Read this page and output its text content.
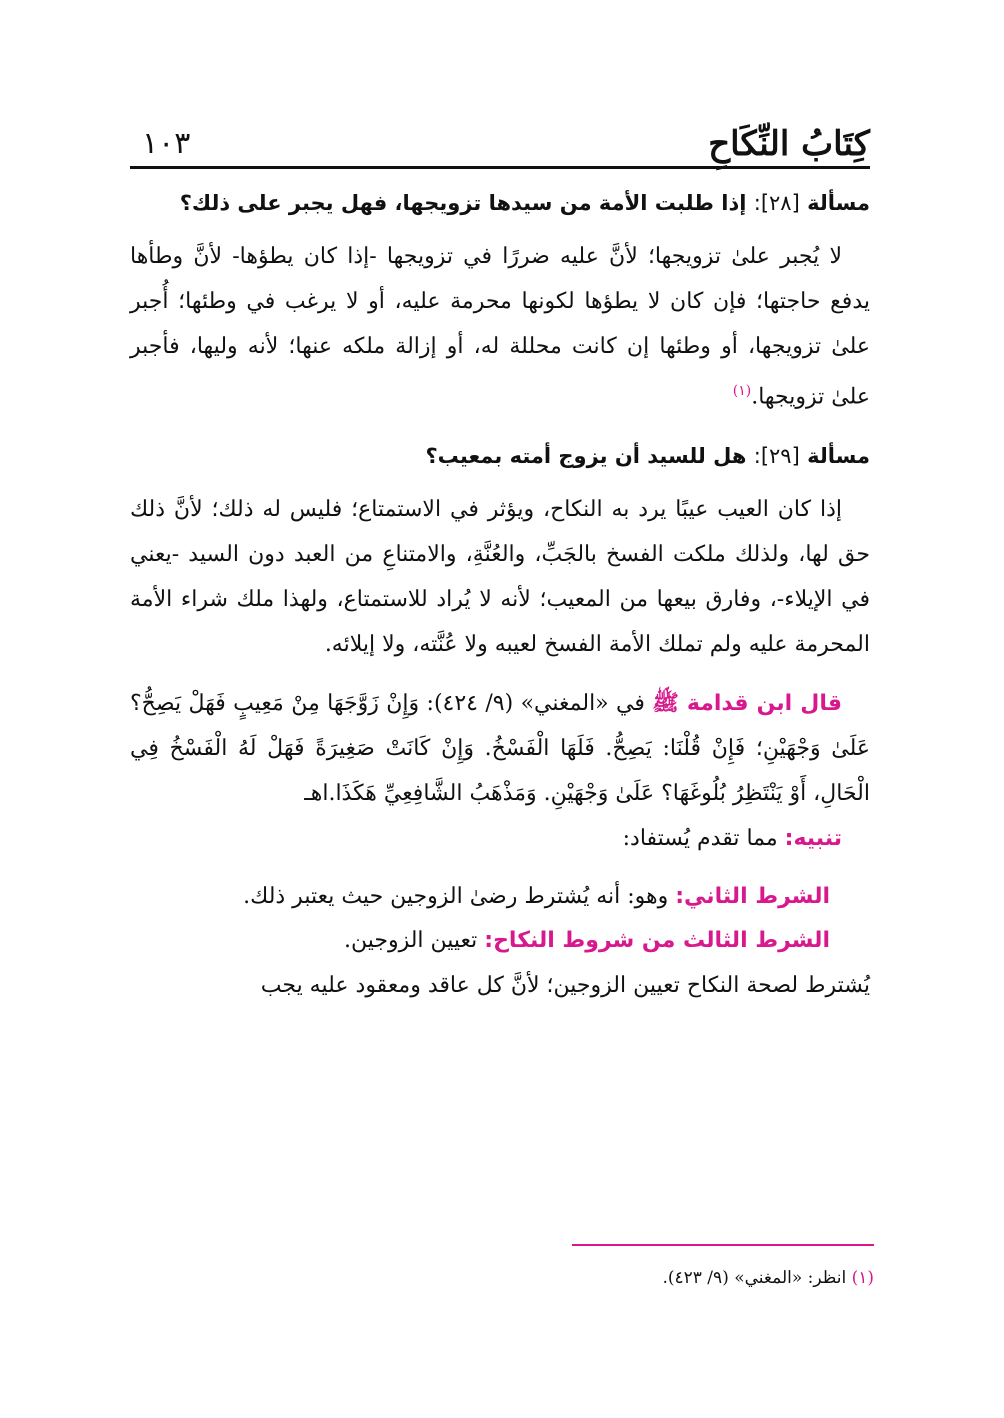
كِتَابُ النِّكَاحِ
١٠٣
مسألة [٢٨]: إذا طلبت الأمة من سيدها تزويجها، فهل يجبر على ذلك؟

لا يُجبر علىٰ تزويجها؛ لأنَّ عليه ضررًا في تزويجها -إذا كان يطؤها- لأنَّ وطأها يدفع حاجتها؛ فإن كان لا يطؤها لكونها محرمة عليه، أو لا يرغب في وطئها؛ أُجبر علىٰ تزويجها، أو وطئها إن كانت محللة له، أو إزالة ملكه عنها؛ لأنه وليها، فأجبر علىٰ تزويجها.$^{(١)}$

مسألة [٢٩]: هل للسيد أن يزوج أمته بمعيب؟

إذا كان العيب عيبًا يرد به النكاح، ويؤثر في الاستمتاع؛ فليس له ذلك؛ لأنَّ ذلك حق لها، ولذلك ملكت الفسخ بالجَبِّ، والعُنَّةِ، والامتناعِ من العبد دون السيد -يعني في الإيلاء-، وفارق بيعها من المعيب؛ لأنه لا يُراد للاستمتاع، ولهذا ملك شراء الأمة المحرمة عليه ولم تملك الأمة الفسخ لعيبه ولا عُنَّته، ولا إيلائه.

قال ابن قدامة ﷺ في «المغني» (٩/ ٤٢٤): وَإِنْ زَوَّجَهَا مِنْ مَعِيبٍ فَهَلْ يَصِحُّ؟ عَلَىٰ وَجْهَيْنِ؛ فَإِنْ قُلْنَا: يَصِحُّ. فَلَهَا الْفَسْخُ. وَإِنْ كَانَتْ صَغِيرَةً فَهَلْ لَهُ الْفَسْخُ فِي الْحَالِ، أَوْ يَنْتَظِرُ بُلُوغَهَا؟ عَلَىٰ وَجْهَيْنِ. وَمَذْهَبُ الشَّافِعِيِّ هَكَذَا.اهـ

تنبيه: مما تقدم يُستفاد:

الشرط الثاني: وهو: أنه يُشترط رضىٰ الزوجين حيث يعتبر ذلك.

الشرط الثالث من شروط النكاح: تعيين الزوجين.

يُشترط لصحة النكاح تعيين الزوجين؛ لأنَّ كل عاقد ومعقود عليه يجب

(١) انظر: «المغني» (٩/ ٤٢٣).
